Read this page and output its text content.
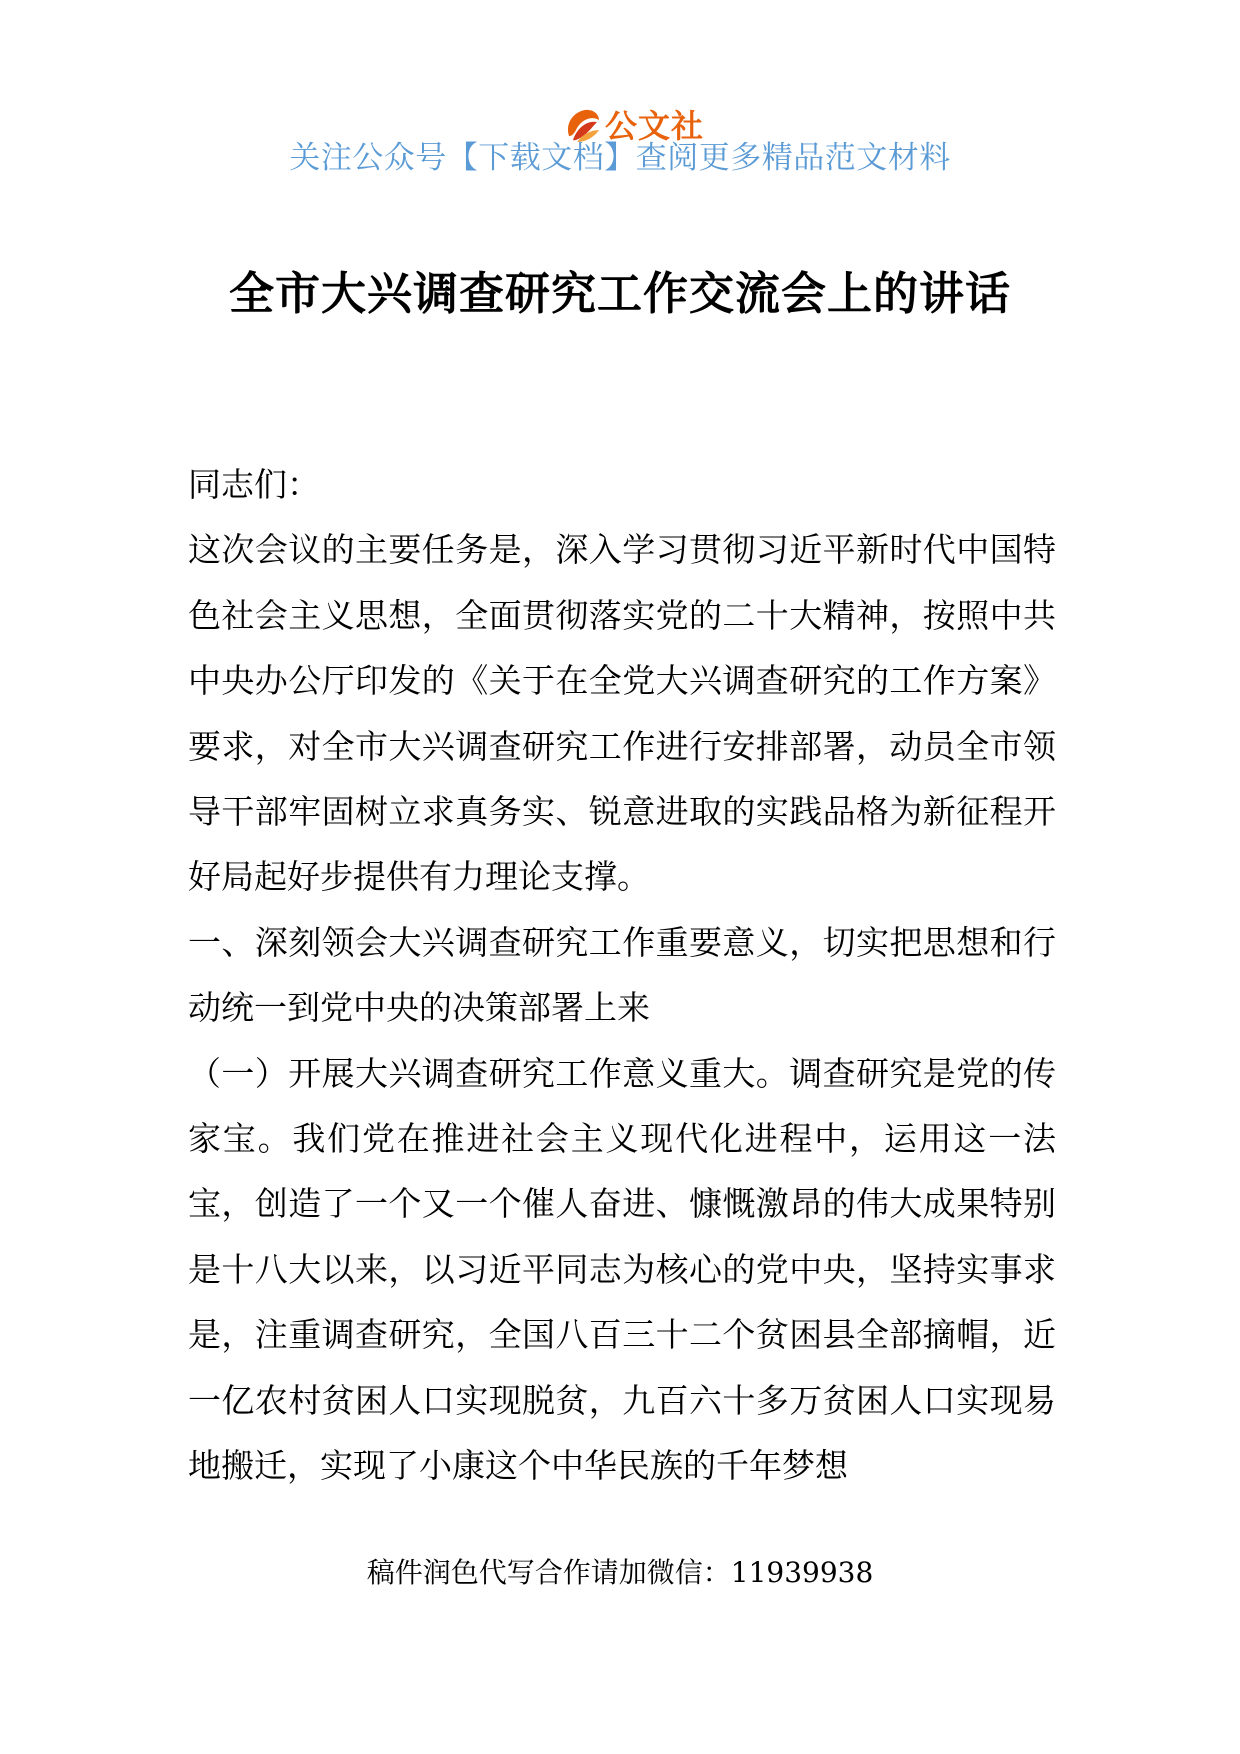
公文社
关注公众号【下载文档】查阅更多精品范文材料
全市大兴调查研究工作交流会上的讲话

同志们：

这次会议的主要任务是，深入学习贯彻习近平新时代中国特色社会主义思想，全面贯彻落实党的二十大精神，按照中共中央办公厅印发的《关于在全党大兴调查研究的工作方案》要求，对全市大兴调查研究工作进行安排部署，动员全市领导干部牢固树立求真务实、锐意进取的实践品格为新征程开好局起好步提供有力理论支撑。

一、深刻领会大兴调查研究工作重要意义，切实把思想和行动统一到党中央的决策部署上来

（一）开展大兴调查研究工作意义重大。调查研究是党的传家宝。我们党在推进社会主义现代化进程中，运用这一法宝，创造了一个又一个催人奋进、慷慨激昂的伟大成果特别是十八大以来，以习近平同志为核心的党中央，坚持实事求是，注重调查研究，全国八百三十二个贫困县全部摘帽，近一亿农村贫困人口实现脱贫，九百六十多万贫困人口实现易地搬迁，实现了小康这个中华民族的千年梦想

稿件润色代写合作请加微信：11939938
